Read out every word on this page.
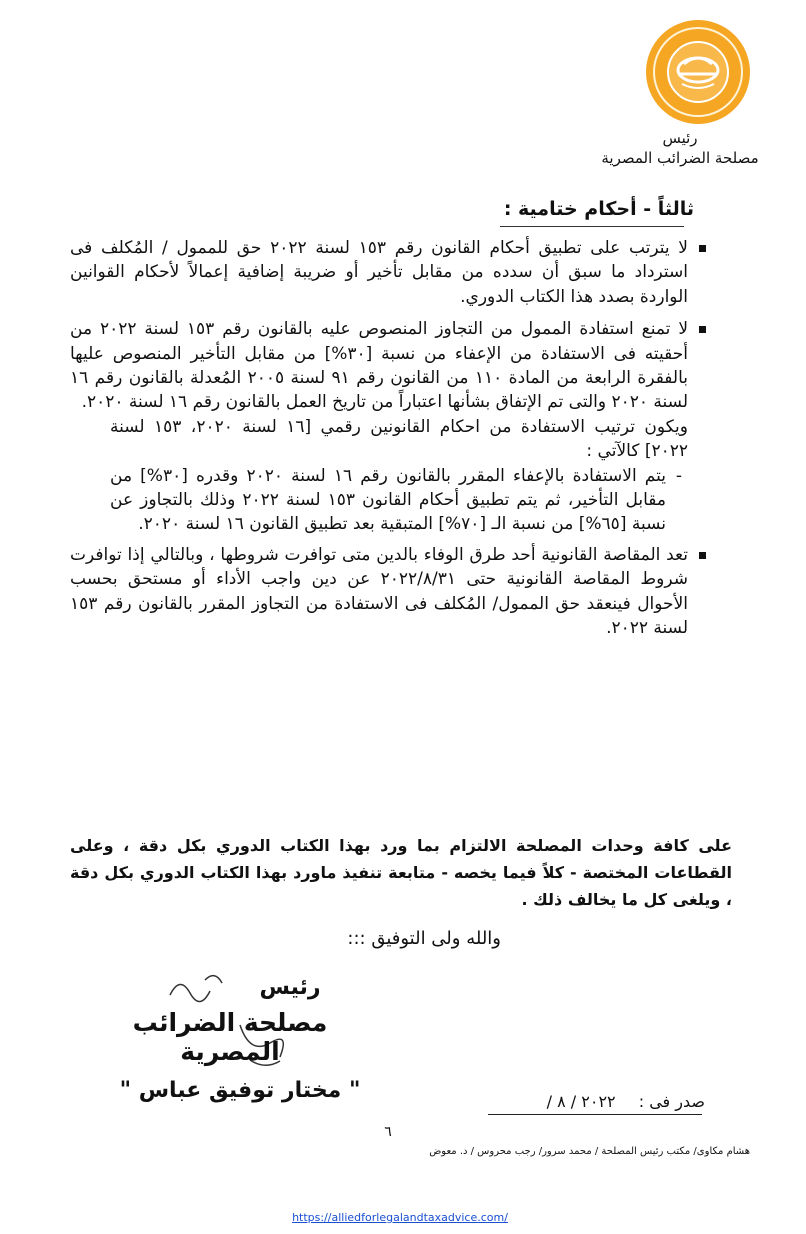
رئيس
مصلحة الضرائب المصرية
ثالثاً - أحكام ختامية :
لا يترتب على تطبيق أحكام القانون رقم ١٥٣ لسنة ٢٠٢٢ حق للممول / المُكلف فى استرداد ما سبق أن سدده من مقابل تأخير أو ضريبة إضافية إعمالاً لأحكام القوانين الواردة بصدد هذا الكتاب الدوري.
لا تمنع استفادة الممول من التجاوز المنصوص عليه بالقانون رقم ١٥٣ لسنة ٢٠٢٢ من أحقيته فى الاستفادة من الإعفاء من نسبة [٣٠%] من مقابل التأخير المنصوص عليها بالفقرة الرابعة من المادة ١١٠ من القانون رقم ٩١ لسنة ٢٠٠٥ المُعدلة بالقانون رقم ١٦ لسنة ٢٠٢٠ والتى تم الإتفاق بشأنها اعتباراً من تاريخ العمل بالقانون رقم ١٦ لسنة ٢٠٢٠.
ويكون ترتيب الاستفادة من احكام القانونين رقمي [١٦ لسنة ٢٠٢٠، ١٥٣ لسنة ٢٠٢٢] كالآتي :
- يتم الاستفادة بالإعفاء المقرر بالقانون رقم ١٦ لسنة ٢٠٢٠ وقدره [٣٠%] من مقابل التأخير، ثم يتم تطبيق أحكام القانون ١٥٣ لسنة ٢٠٢٢ وذلك بالتجاوز عن نسبة [٦٥%] من نسبة الـ [٧٠%] المتبقية بعد تطبيق القانون ١٦ لسنة ٢٠٢٠.
تعد المقاصة القانونية أحد طرق الوفاء بالدين متى توافرت شروطها ، وبالتالي إذا توافرت شروط المقاصة القانونية حتى ٢٠٢٢/٨/٣١ عن دين واجب الأداء أو مستحق بحسب الأحوال فينعقد حق الممول/ المُكلف فى الاستفادة من التجاوز المقرر بالقانون رقم ١٥٣ لسنة ٢٠٢٢.
على كافة وحدات المصلحة الالتزام بما ورد بهذا الكتاب الدوري بكل دقة ، وعلى القطاعات المختصة - كلاً فيما يخصه - متابعة تنفيذ ماورد بهذا الكتاب الدوري بكل دقة ، ويلغى كل ما يخالف ذلك .
والله ولى التوفيق :::
رئيس
مصلحة الضرائب المصرية
" مختار توفيق عباس "	صدر فى : ٢٠٢٢ / ٨ /
٦
هشام مكاوى/ مكتب رئيس المصلحة / محمد سرور/ رجب محروس / د. معوض
https://alliedforlegalandtaxadvice.com/
